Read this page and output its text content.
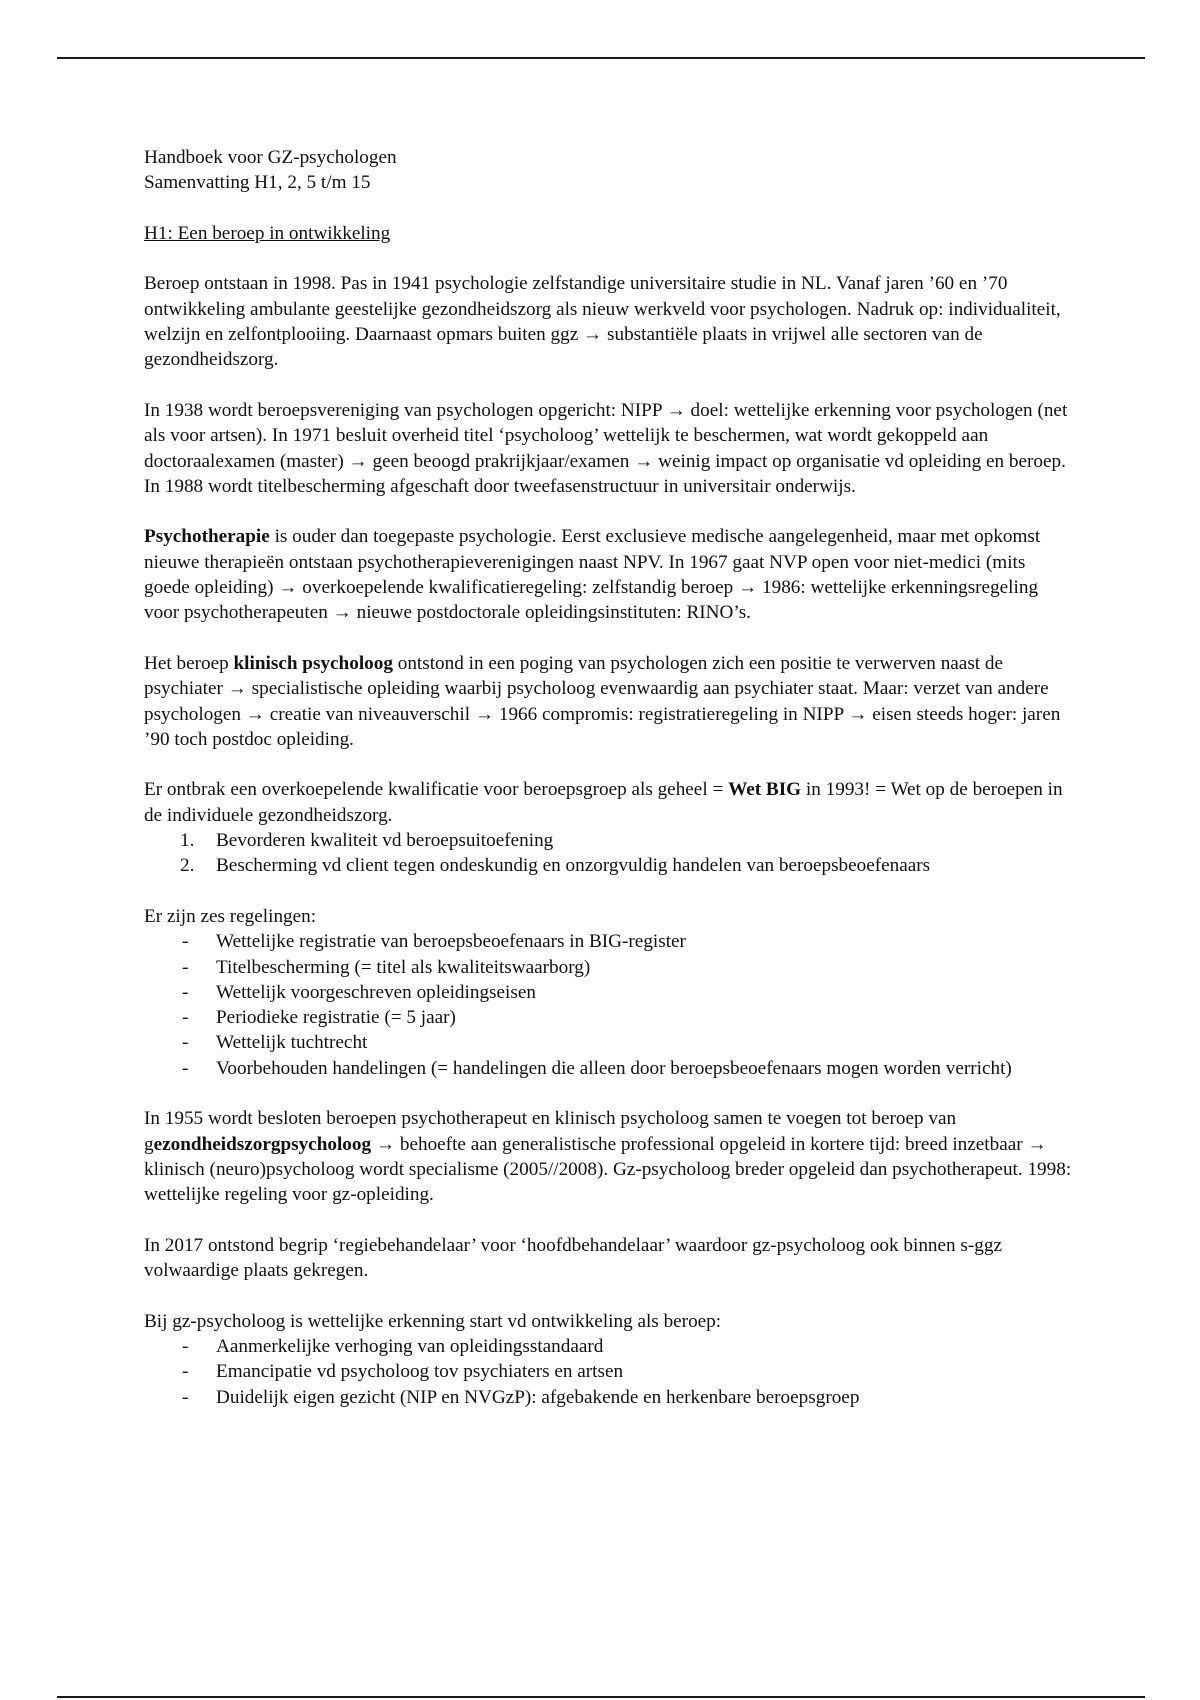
Handboek voor GZ-psychologen

Samenvatting H1, 2, 5 t/m 15

H1: Een beroep in ontwikkeling

Beroep ontstaan in 1998. Pas in 1941 psychologie zelfstandige universitaire studie in NL. Vanaf jaren ’60 en ’70 ontwikkeling ambulante geestelijke gezondheidszorg als nieuw werkveld voor psychologen. Nadruk op: individualiteit, welzijn en zelfontplooiing. Daarnaast opmars buiten ggz → substantiële plaats in vrijwel alle sectoren van de gezondheidszorg.

In 1938 wordt beroepsvereniging van psychologen opgericht: NIPP → doel: wettelijke erkenning voor psychologen (net als voor artsen). In 1971 besluit overheid titel ‘psycholoog’ wettelijk te beschermen, wat wordt gekoppeld aan doctoraalexamen (master) → geen beoogd prakrijkjaar/examen → weinig impact op organisatie vd opleiding en beroep. In 1988 wordt titelbescherming afgeschaft door tweefasenstructuur in universitair onderwijs.

Psychotherapie is ouder dan toegepaste psychologie. Eerst exclusieve medische aangelegenheid, maar met opkomst nieuwe therapieën ontstaan psychotherapieverenigingen naast NPV. In 1967 gaat NVP open voor niet-medici (mits goede opleiding) → overkoepelende kwalificatieregeling: zelfstandig beroep → 1986: wettelijke erkenningsregeling voor psychotherapeuten → nieuwe postdoctorale opleidingsinstituten: RINO’s.

Het beroep klinisch psycholoog ontstond in een poging van psychologen zich een positie te verwerven naast de psychiater → specialistische opleiding waarbij psycholoog evenwaardig aan psychiater staat. Maar: verzet van andere psychologen → creatie van niveauverschil → 1966 compromis: registratieregeling in NIPP → eisen steeds hoger: jaren ’90 toch postdoc opleiding.

Er ontbrak een overkoepelende kwalificatie voor beroepsgroep als geheel = Wet BIG in 1993! = Wet op de beroepen in de individuele gezondheidszorg.

1. Bevorderen kwaliteit vd beroepsuitoefening
2. Bescherming vd client tegen ondeskundig en onzorgvuldig handelen van beroepsbeoefenaars

Er zijn zes regelingen:

- Wettelijke registratie van beroepsbeoefenaars in BIG-register
- Titelbescherming (= titel als kwaliteitswaarborg)
- Wettelijk voorgeschreven opleidingseisen
- Periodieke registratie (= 5 jaar)
- Wettelijk tuchtrecht
- Voorbehouden handelingen (= handelingen die alleen door beroepsbeoefenaars mogen worden verricht)

In 1955 wordt besloten beroepen psychotherapeut en klinisch psycholoog samen te voegen tot beroep van gezondheidszorgpsycholoog → behoefte aan generalistische professional opgeleid in kortere tijd: breed inzetbaar → klinisch (neuro)psycholoog wordt specialisme (2005//2008). Gz-psycholoog breder opgeleid dan psychotherapeut. 1998: wettelijke regeling voor gz-opleiding.

In 2017 ontstond begrip ‘regiebehandelaar’ voor ‘hoofdbehandelaar’ waardoor gz-psycholoog ook binnen s-ggz volwaardige plaats gekregen.

Bij gz-psycholoog is wettelijke erkenning start vd ontwikkeling als beroep:

- Aanmerkelijke verhoging van opleidingsstandaard
- Emancipatie vd psycholoog tov psychiaters en artsen
- Duidelijk eigen gezicht (NIP en NVGzP): afgebakende en herkenbare beroepsgroep
